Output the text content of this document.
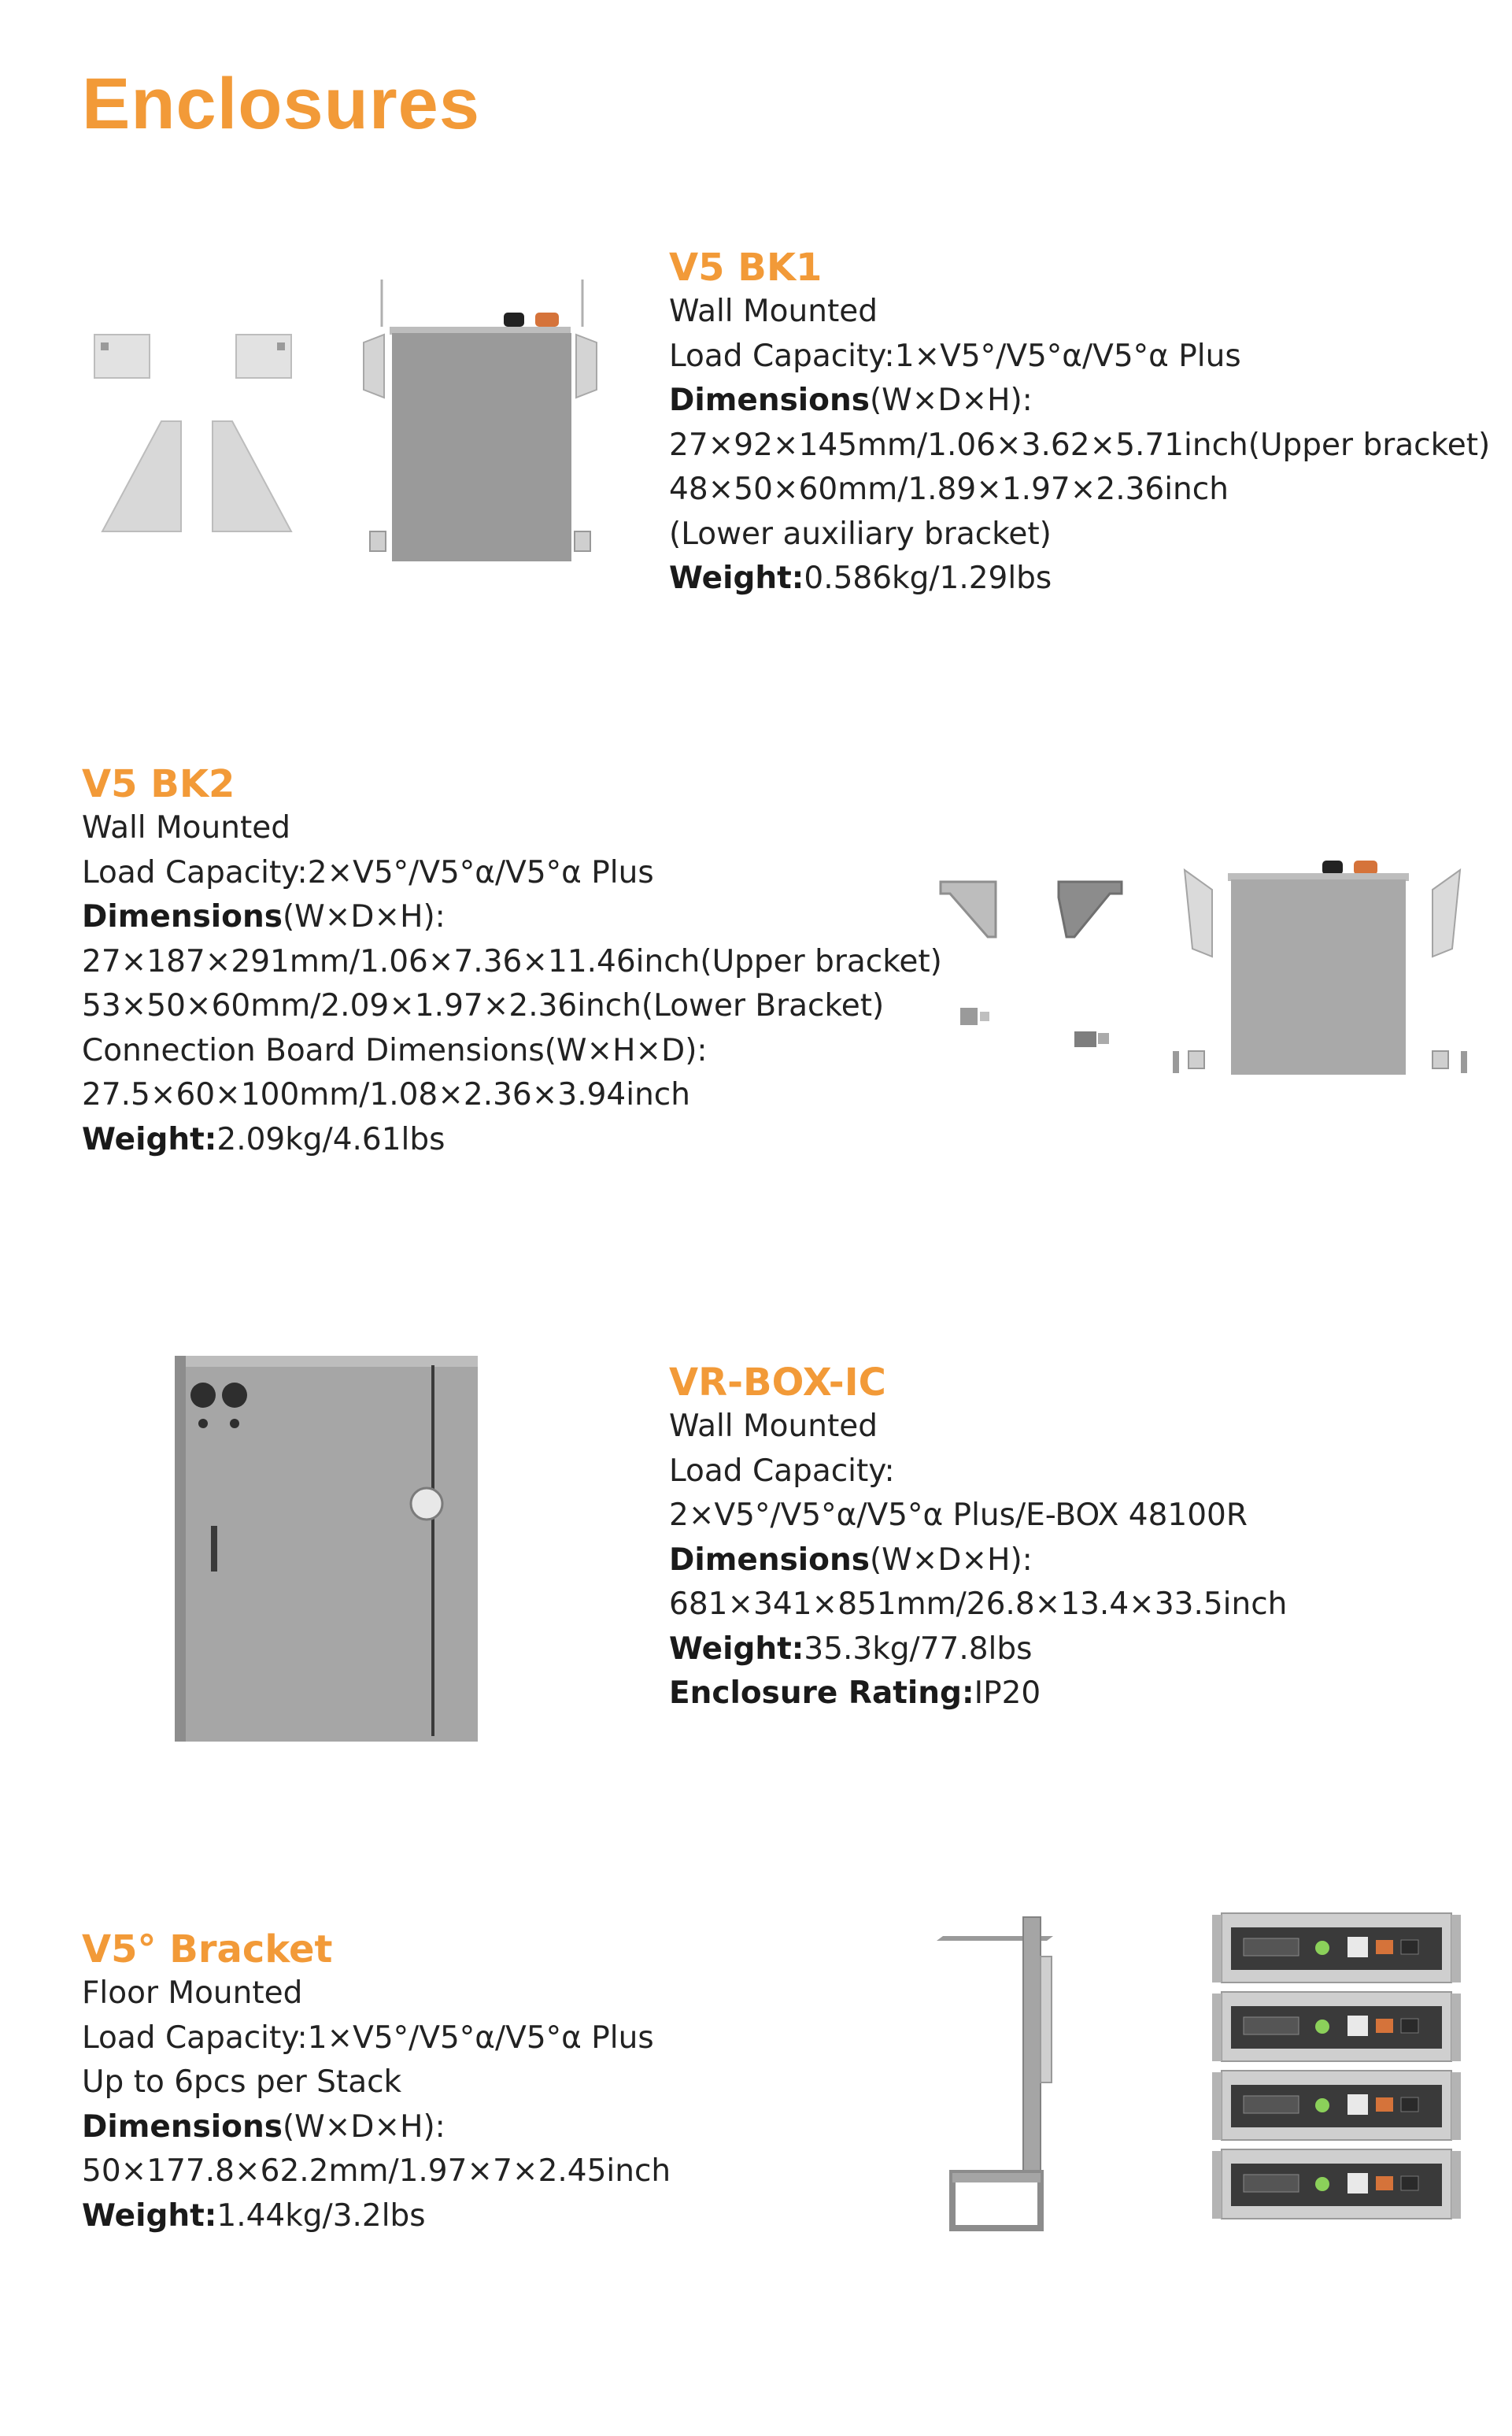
Enclosures
V5 BK1
Wall Mounted
Load Capacity:1×V5°/V5°α/V5°α Plus
Dimensions(W×D×H):
27×92×145mm/1.06×3.62×5.71inch(Upper bracket)
48×50×60mm/1.89×1.97×2.36inch
(Lower auxiliary bracket)
Weight:0.586kg/1.29lbs
V5 BK2
Wall Mounted
Load Capacity:2×V5°/V5°α/V5°α Plus
Dimensions(W×D×H):
27×187×291mm/1.06×7.36×11.46inch(Upper bracket)
53×50×60mm/2.09×1.97×2.36inch(Lower Bracket)
Connection Board Dimensions(W×H×D):
27.5×60×100mm/1.08×2.36×3.94inch
Weight:2.09kg/4.61lbs
VR-BOX-IC
Wall Mounted
Load Capacity:
2×V5°/V5°α/V5°α Plus/E-BOX 48100R
Dimensions(W×D×H):
681×341×851mm/26.8×13.4×33.5inch
Weight:35.3kg/77.8lbs
Enclosure Rating:IP20
V5° Bracket
Floor Mounted
Load Capacity:1×V5°/V5°α/V5°α Plus
Up to 6pcs per Stack
Dimensions(W×D×H):
50×177.8×62.2mm/1.97×7×2.45inch
Weight:1.44kg/3.2lbs
